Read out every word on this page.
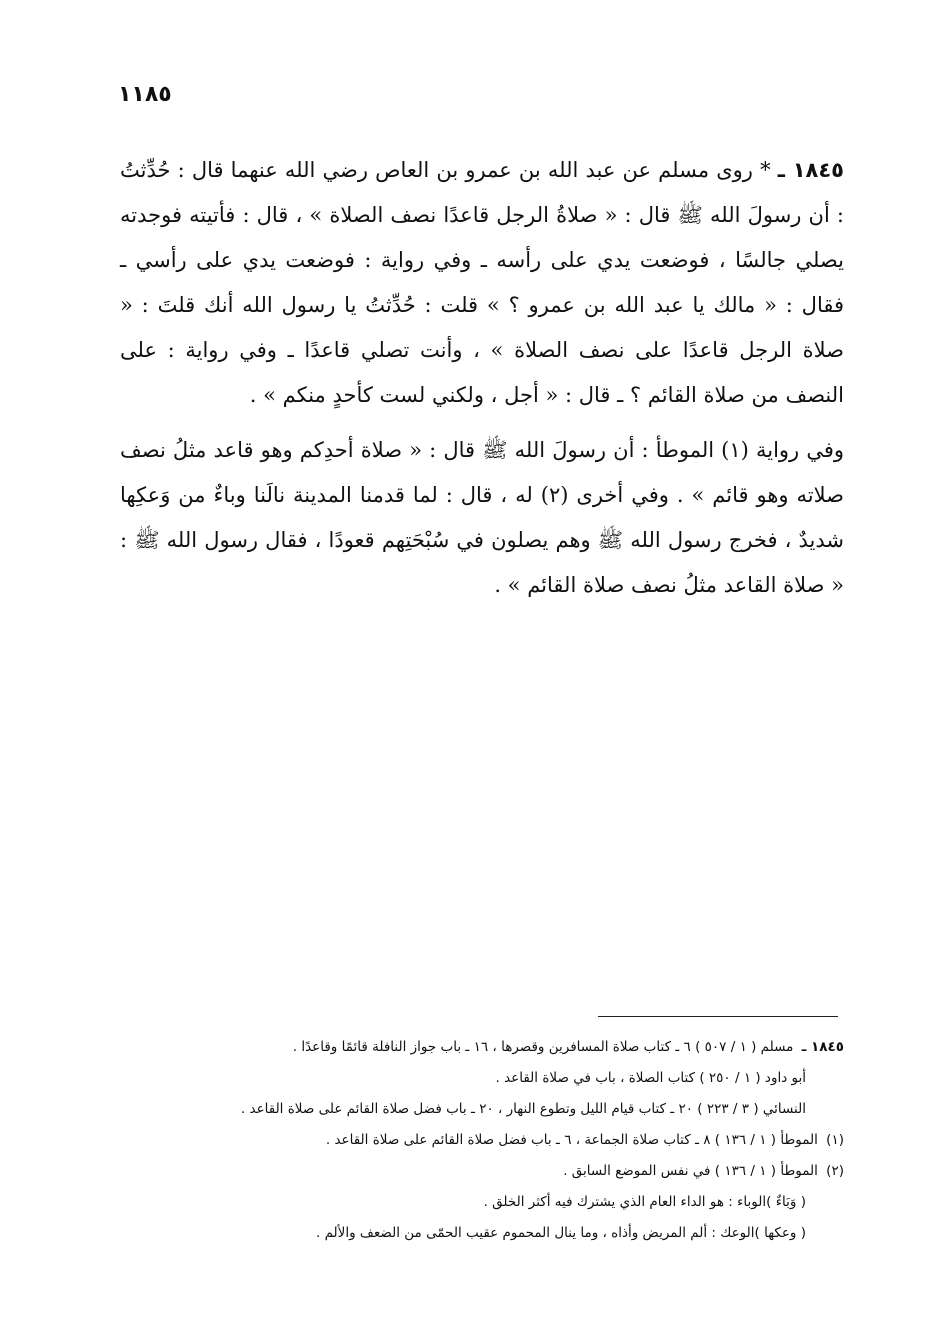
١١٨٥

١٨٤٥ ـ * روى مسلم عن عبد الله بن عمرو بن العاص رضي الله عنهما قال : حُدِّثتُ : أن رسولَ الله ﷺ قال : « صلاةُ الرجل قاعدًا نصف الصلاة » ، قال : فأتيته فوجدته يصلي جالسًا ، فوضعت يدي على رأسه ـ وفي رواية : فوضعت يدي على رأسي ـ فقال : « مالك يا عبد الله بن عمرو ؟ » قلت : حُدِّثتُ يا رسول الله أنك قلتَ : « صلاة الرجل قاعدًا على نصف الصلاة » ، وأنت تصلي قاعدًا ـ وفي رواية : على النصف من صلاة القائم ؟ ـ قال : « أجل ، ولكني لست كأحدٍ منكم » .

وفي رواية (١) الموطأ : أن رسولَ الله ﷺ قال : « صلاة أحدِكم وهو قاعد مثلُ نصف صلاته وهو قائم » . وفي أخرى (٢) له ، قال : لما قدمنا المدينة نالَنا وباءٌ من وَعكِها شديدٌ ، فخرج رسول الله ﷺ وهم يصلون في سُبْحَتِهم قعودًا ، فقال رسول الله ﷺ : « صلاة القاعد مثلُ نصف صلاة القائم » .

١٨٤٥ ـ مسلم ( ١ / ٥٠٧ ) ٦ ـ كتاب صلاة المسافرين وقصرها ، ١٦ ـ باب جواز النافلة قائمًا وقاعدًا .
أبو داود ( ١ / ٢٥٠ ) كتاب الصلاة ، باب في صلاة القاعد .
النسائي ( ٣ / ٢٢٣ ) ٢٠ ـ كتاب قيام الليل وتطوع النهار ، ٢٠ ـ باب فضل صلاة القائم على صلاة القاعد .
(١) الموطأ ( ١ / ١٣٦ ) ٨ ـ كتاب صلاة الجماعة ، ٦ ـ باب فضل صلاة القائم على صلاة القاعد .
(٢) الموطأ ( ١ / ١٣٦ ) في نفس الموضع السابق .
( وَبَاءٌ )الوباء : هو الداء العام الذي يشترك فيه أكثر الخلق .
( وعكها )الوعك : ألم المريض وأذاه ، وما ينال المحموم عقيب الحمّى من الضعف والألم .
